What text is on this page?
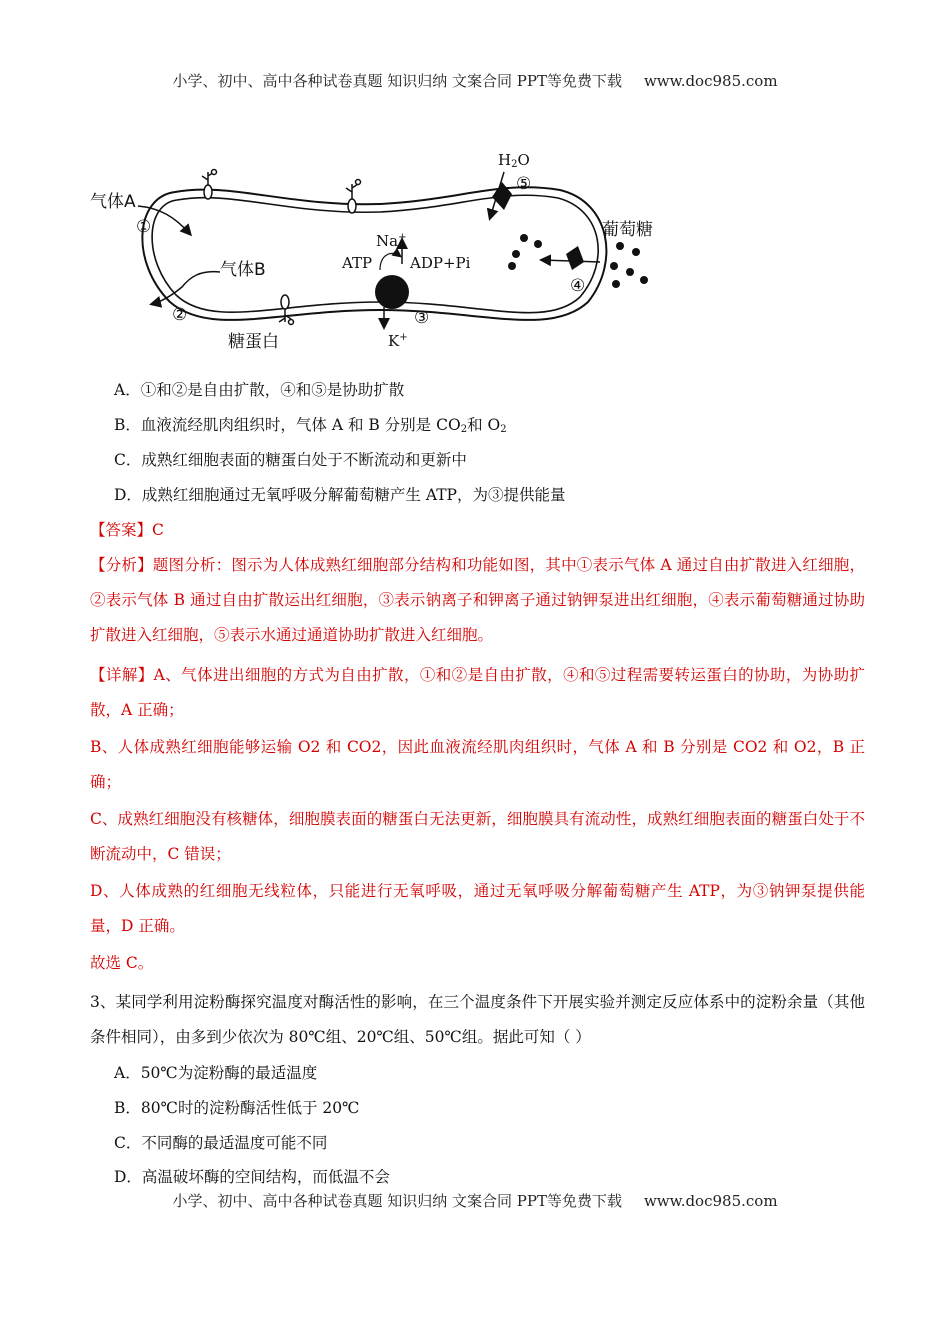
小学、初中、高中各种试卷真题 知识归纳 文案合同 PPT等免费下载 www.doc985.com
气体A
①
气体B
②
糖蛋白
Na+
ATP	ADP+Pi
③
K+
$H_2O$
⑤
葡萄糖
④
A．①和②是自由扩散，④和⑤是协助扩散
B．血液流经肌肉组织时，气体 A 和 B 分别是 $CO_2$和 $O_2$
C．成熟红细胞表面的糖蛋白处于不断流动和更新中
D．成熟红细胞通过无氧呼吸分解葡萄糖产生 ATP，为③提供能量
【答案】C
【分析】题图分析：图示为人体成熟红细胞部分结构和功能如图，其中①表示气体 A 通过自由扩散进入红细胞，②表示气体 B 通过自由扩散运出红细胞，③表示钠离子和钾离子通过钠钾泵进出红细胞，④表示葡萄糖通过协助扩散进入红细胞，⑤表示水通过通道协助扩散进入红细胞。
【详解】A、气体进出细胞的方式为自由扩散，①和②是自由扩散，④和⑤过程需要转运蛋白的协助，为协助扩散，A 正确；
B、人体成熟红细胞能够运输 O2 和 CO2，因此血液流经肌肉组织时，气体 A 和 B 分别是 CO2 和 O2，B 正确；
C、成熟红细胞没有核糖体，细胞膜表面的糖蛋白无法更新，细胞膜具有流动性，成熟红细胞表面的糖蛋白处于不断流动中，C 错误；
D、人体成熟的红细胞无线粒体，只能进行无氧呼吸，通过无氧呼吸分解葡萄糖产生 ATP，为③钠钾泵提供能量，D 正确。
故选 C。
3、某同学利用淀粉酶探究温度对酶活性的影响，在三个温度条件下开展实验并测定反应体系中的淀粉余量（其他条件相同），由多到少依次为 80℃组、20℃组、50℃组。据此可知（ ）
A．50℃为淀粉酶的最适温度
B．80℃时的淀粉酶活性低于 20℃
C．不同酶的最适温度可能不同
D．高温破坏酶的空间结构，而低温不会
小学、初中、高中各种试卷真题 知识归纳 文案合同 PPT等免费下载 www.doc985.com
